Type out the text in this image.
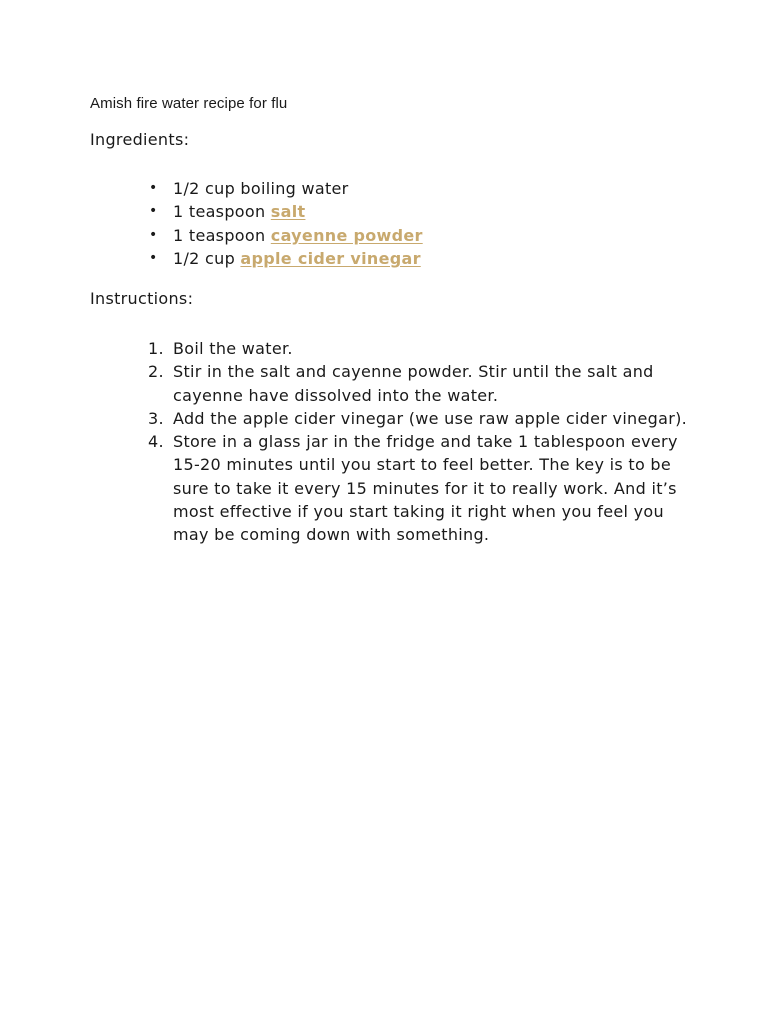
Amish fire water recipe for flu
Ingredients:
• 1/2 cup boiling water
• 1 teaspoon salt
• 1 teaspoon cayenne powder
• 1/2 cup apple cider vinegar
Instructions:
1. Boil the water.
2. Stir in the salt and cayenne powder. Stir until the salt and cayenne have dissolved into the water.
3. Add the apple cider vinegar (we use raw apple cider vinegar).
4. Store in a glass jar in the fridge and take 1 tablespoon every 15-20 minutes until you start to feel better. The key is to be sure to take it every 15 minutes for it to really work. And it’s most effective if you start taking it right when you feel you may be coming down with something.
